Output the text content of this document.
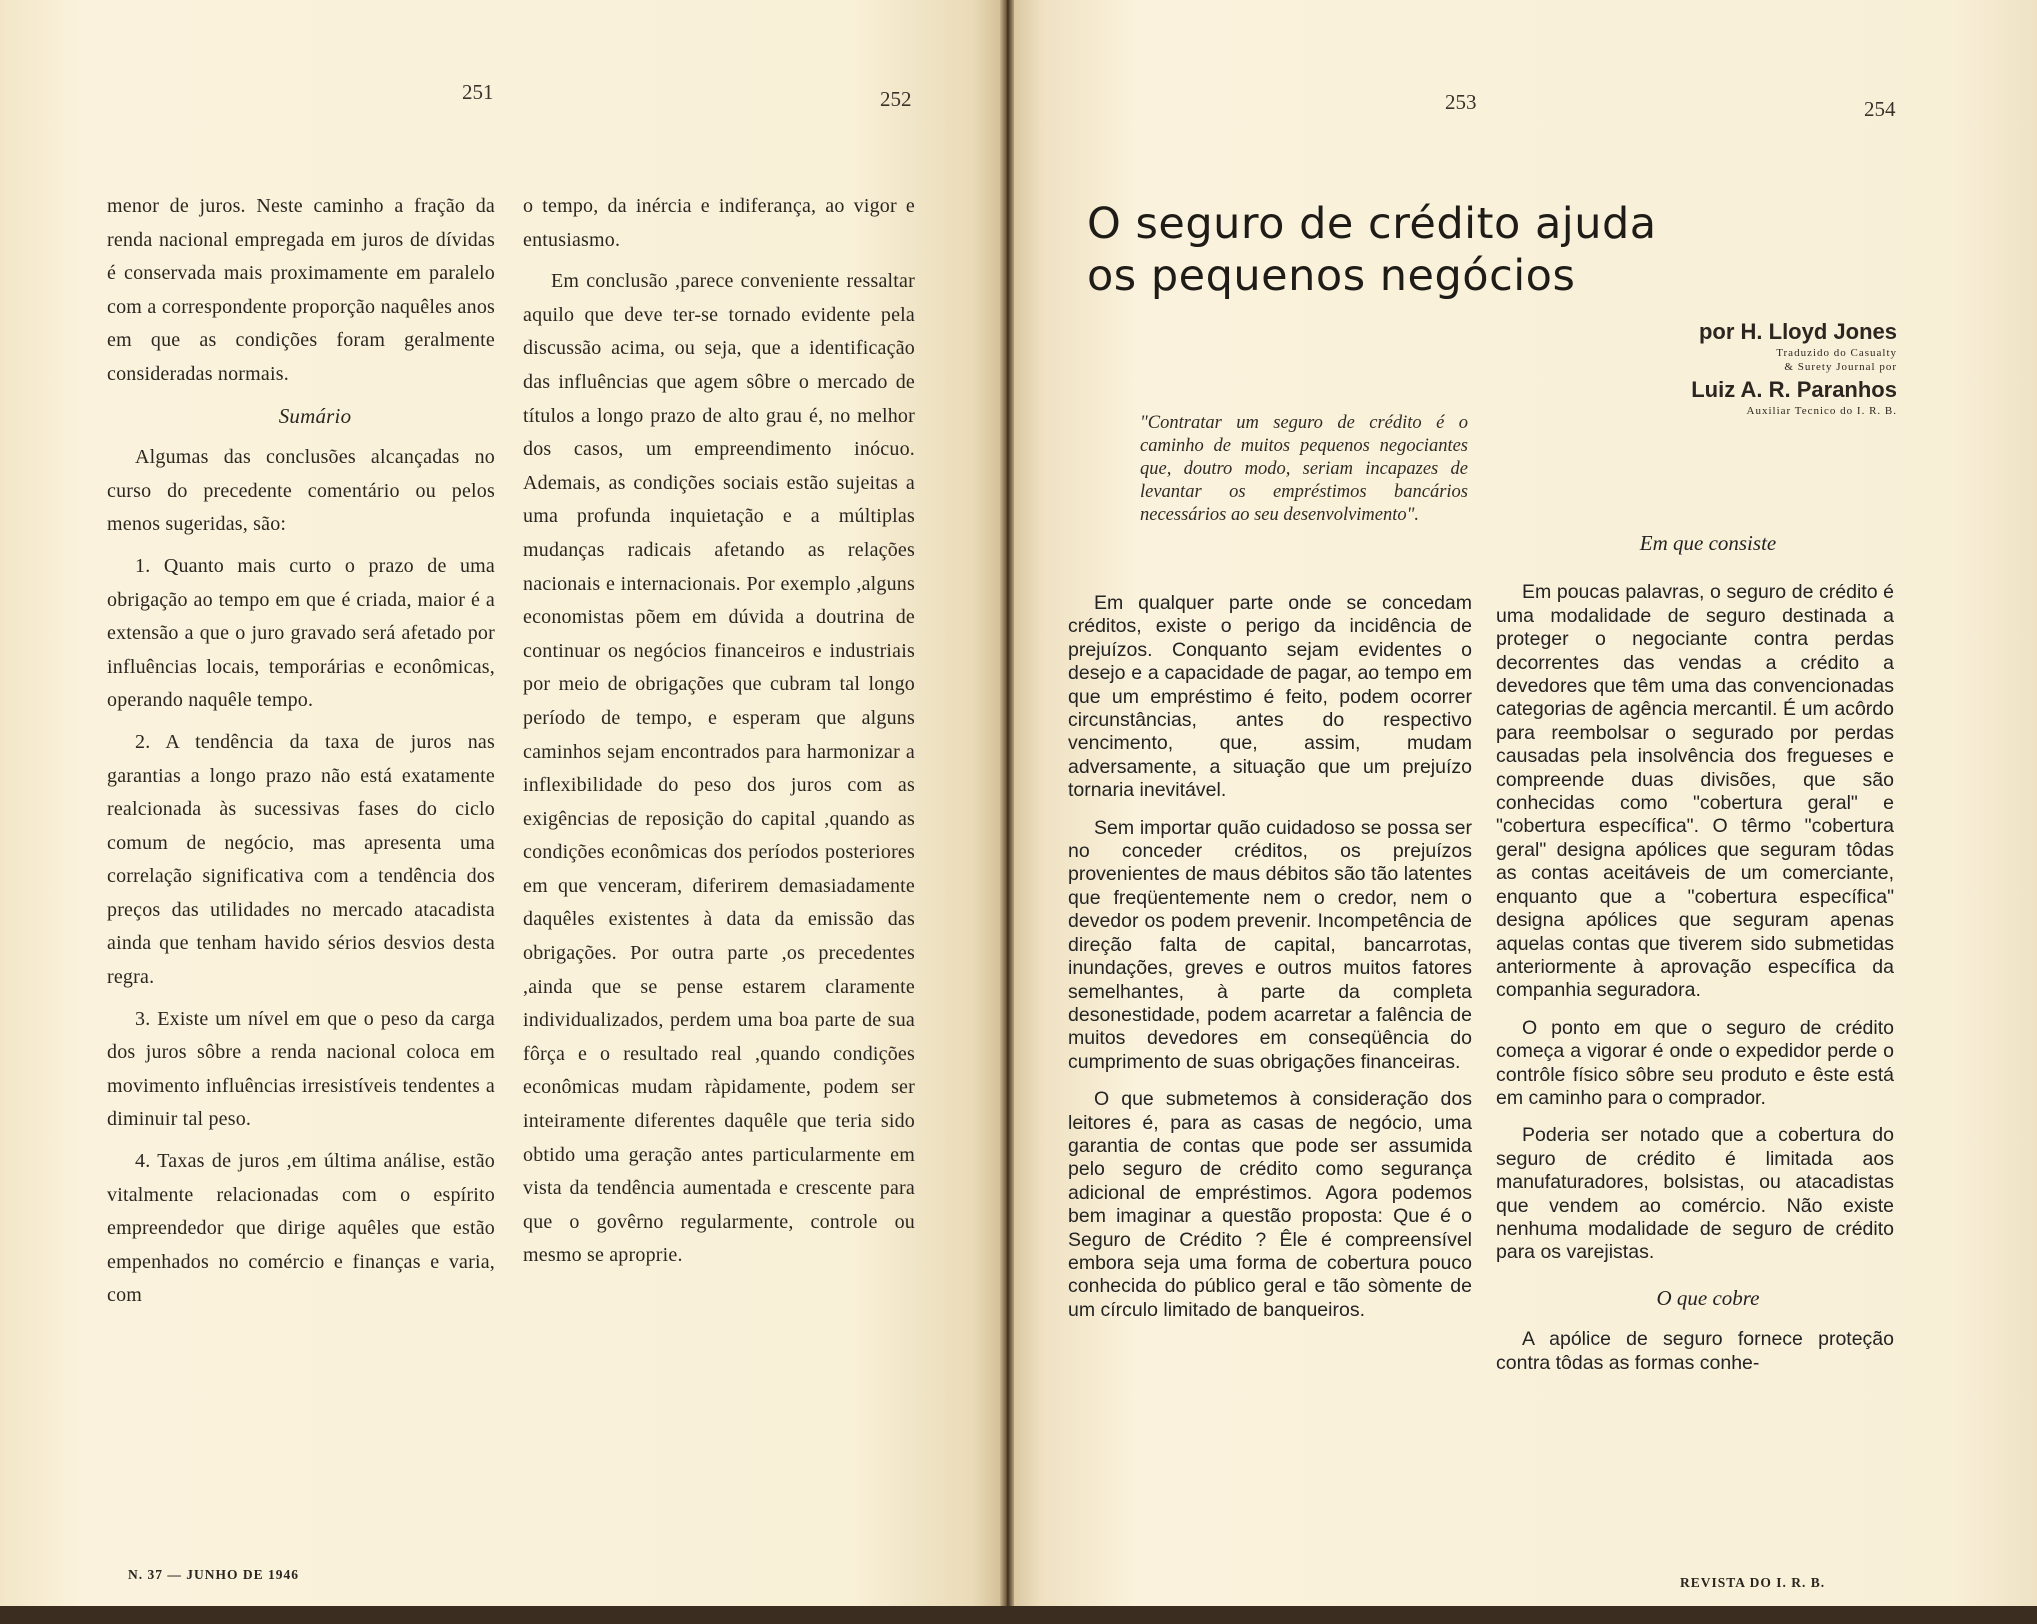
251	252	253	254

menor de juros. Neste caminho a fração da renda nacional empregada em juros de dívidas é conservada mais proximamente em paralelo com a correspondente proporção naquêles anos em que as condições foram geralmente consideradas normais.

Sumário

Algumas das conclusões alcançadas no curso do precedente comentário ou pelos menos sugeridas, são:

1. Quanto mais curto o prazo de uma obrigação ao tempo em que é criada, maior é a extensão a que o juro gravado será afetado por influências locais, temporárias e econômicas, operando naquêle tempo.

2. A tendência da taxa de juros nas garantias a longo prazo não está exatamente realcionada às sucessivas fases do ciclo comum de negócio, mas apresenta uma correlação significativa com a tendência dos preços das utilidades no mercado atacadista ainda que tenham havido sérios desvios desta regra.

3. Existe um nível em que o peso da carga dos juros sôbre a renda nacional coloca em movimento influências irresistíveis tendentes a diminuir tal peso.

4. Taxas de juros ,em última análise, estão vitalmente relacionadas com o espírito empreendedor que dirige aquêles que estão empenhados no comércio e finanças e varia, com

o tempo, da inércia e indiferança, ao vigor e entusiasmo.

Em conclusão ,parece conveniente ressaltar aquilo que deve ter-se tornado evidente pela discussão acima, ou seja, que a identificação das influências que agem sôbre o mercado de títulos a longo prazo de alto grau é, no melhor dos casos, um empreendimento inócuo. Ademais, as condições sociais estão sujeitas a uma profunda inquietação e a múltiplas mudanças radicais afetando as relações nacionais e internacionais. Por exemplo ,alguns economistas põem em dúvida a doutrina de continuar os negócios financeiros e industriais por meio de obrigações que cubram tal longo período de tempo, e esperam que alguns caminhos sejam encontrados para harmonizar a inflexibilidade do peso dos juros com as exigências de reposição do capital ,quando as condições econômicas dos períodos posteriores em que venceram, diferirem demasiadamente daquêles existentes à data da emissão das obrigações. Por outra parte ,os precedentes ,ainda que se pense estarem claramente individualizados, perdem uma boa parte de sua fôrça e o resultado real ,quando condições econômicas mudam ràpidamente, podem ser inteiramente diferentes daquêle que teria sido obtido uma geração antes particularmente em vista da tendência aumentada e crescente para que o govêrno regularmente, controle ou mesmo se aproprie.

N. 37 — JUNHO DE 1946
O seguro de crédito ajuda
os pequenos negócios
por H. Lloyd Jones
Traduzido do Casualty
& Surety Journal por
Luiz A. R. Paranhos
Auxiliar Tecnico do I. R. B.
"Contratar um seguro de crédito é o caminho de muitos pequenos negociantes que, doutro modo, seriam incapazes de levantar os empréstimos bancários necessários ao seu desenvolvimento".

Em qualquer parte onde se concedam créditos, existe o perigo da incidência de prejuízos. Conquanto sejam evidentes o desejo e a capacidade de pagar, ao tempo em que um empréstimo é feito, podem ocorrer circunstâncias, antes do respectivo vencimento, que, assim, mudam adversamente, a situação que um prejuízo tornaria inevitável.

Sem importar quão cuidadoso se possa ser no conceder créditos, os prejuízos provenientes de maus débitos são tão latentes que freqüentemente nem o credor, nem o devedor os podem prevenir. Incompetência de direção falta de capital, bancarrotas, inundações, greves e outros muitos fatores semelhantes, à parte da completa desonestidade, podem acarretar a falência de muitos devedores em conseqüência do cumprimento de suas obrigações financeiras.

O que submetemos à consideração dos leitores é, para as casas de negócio, uma garantia de contas que pode ser assumida pelo seguro de crédito como segurança adicional de empréstimos. Agora podemos bem imaginar a questão proposta: Que é o Seguro de Crédito ? Êle é compreensível embora seja uma forma de cobertura pouco conhecida do público geral e tão sòmente de um círculo limitado de banqueiros.

Em que consiste

Em poucas palavras, o seguro de crédito é uma modalidade de seguro destinada a proteger o negociante contra perdas decorrentes das vendas a crédito a devedores que têm uma das convencionadas categorias de agência mercantil. É um acôrdo para reembolsar o segurado por perdas causadas pela insolvência dos fregueses e compreende duas divisões, que são conhecidas como "cobertura geral" e "cobertura específica". O têrmo "cobertura geral" designa apólices que seguram tôdas as contas aceitáveis de um comerciante, enquanto que a "cobertura específica" designa apólices que seguram apenas aquelas contas que tiverem sido submetidas anteriormente à aprovação específica da companhia seguradora.

O ponto em que o seguro de crédito começa a vigorar é onde o expedidor perde o contrôle físico sôbre seu produto e êste está em caminho para o comprador.

Poderia ser notado que a cobertura do seguro de crédito é limitada aos manufaturadores, bolsistas, ou atacadistas que vendem ao comércio. Não existe nenhuma modalidade de seguro de crédito para os varejistas.

O que cobre

A apólice de seguro fornece proteção contra tôdas as formas conhe-

REVISTA DO I. R. B.
